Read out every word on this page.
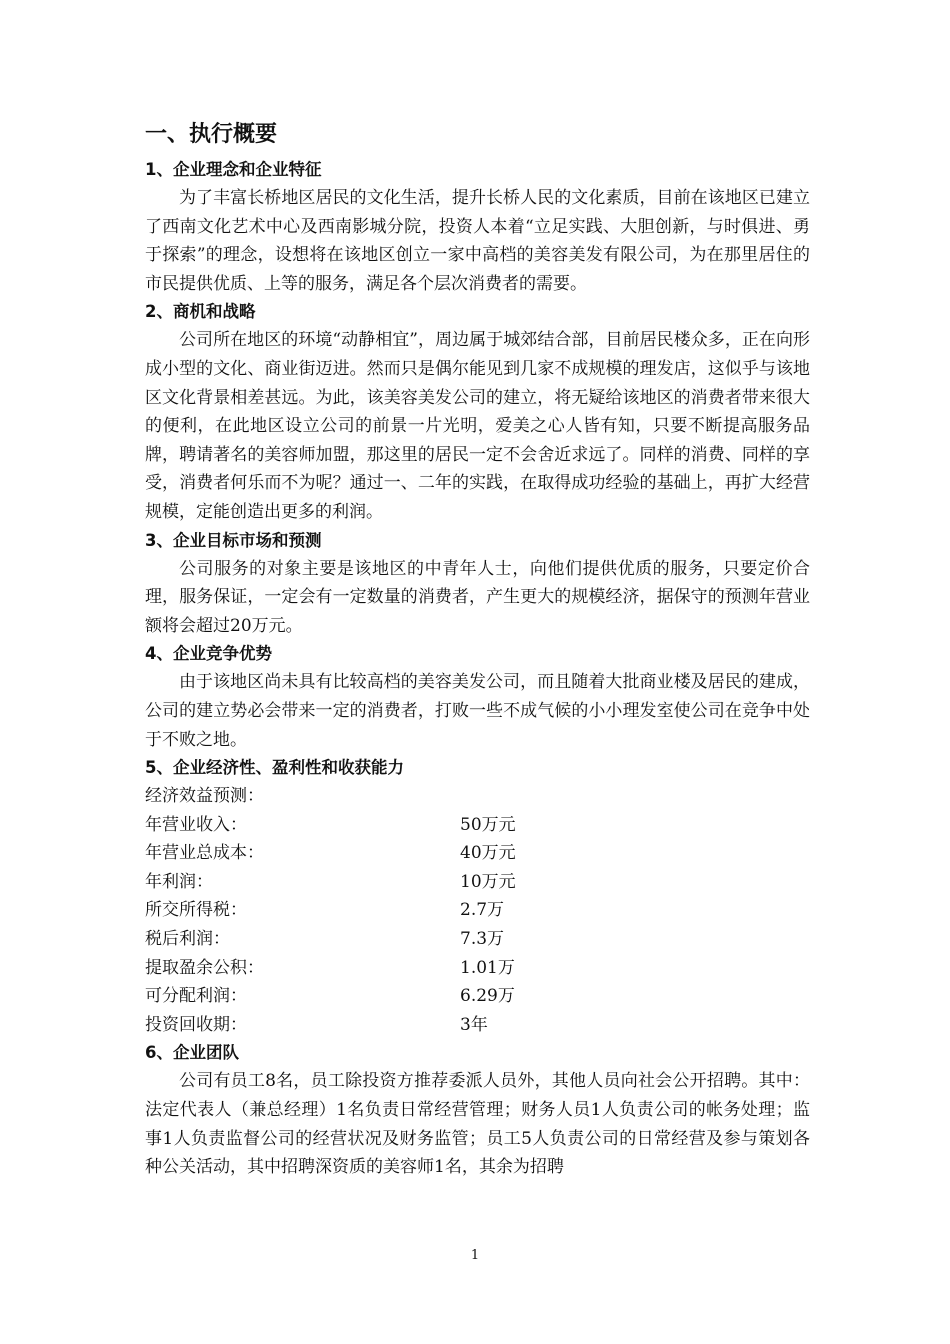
一、执行概要
1、企业理念和企业特征

为了丰富长桥地区居民的文化生活，提升长桥人民的文化素质，目前在该地区已建立了西南文化艺术中心及西南影城分院，投资人本着“立足实践、大胆创新，与时俱进、勇于探索”的理念，设想将在该地区创立一家中高档的美容美发有限公司，为在那里居住的市民提供优质、上等的服务，满足各个层次消费者的需要。

2、商机和战略

公司所在地区的环境“动静相宜”，周边属于城郊结合部，目前居民楼众多，正在向形成小型的文化、商业街迈进。然而只是偶尔能见到几家不成规模的理发店，这似乎与该地区文化背景相差甚远。为此，该美容美发公司的建立，将无疑给该地区的消费者带来很大的便利，在此地区设立公司的前景一片光明，爱美之心人皆有知，只要不断提高服务品牌，聘请著名的美容师加盟，那这里的居民一定不会舍近求远了。同样的消费、同样的享受，消费者何乐而不为呢？通过一、二年的实践，在取得成功经验的基础上，再扩大经营规模，定能创造出更多的利润。

3、企业目标市场和预测

公司服务的对象主要是该地区的中青年人士，向他们提供优质的服务，只要定价合理，服务保证，一定会有一定数量的消费者，产生更大的规模经济，据保守的预测年营业额将会超过20万元。

4、企业竞争优势

由于该地区尚未具有比较高档的美容美发公司，而且随着大批商业楼及居民的建成，公司的建立势必会带来一定的消费者，打败一些不成气候的小小理发室使公司在竞争中处于不败之地。

5、企业经济性、盈利性和收获能力
经济效益预测：
年营业收入：	50万元
年营业总成本：	40万元
年利润：	10万元
所交所得税：	2.7万
税后利润：	7.3万
提取盈余公积：	1.01万
可分配利润：	6.29万
投资回收期：	3年
6、企业团队

公司有员工8名，员工除投资方推荐委派人员外，其他人员向社会公开招聘。其中：法定代表人（兼总经理）1名负责日常经营管理；财务人员1人负责公司的帐务处理；监事1人负责监督公司的经营状况及财务监管；员工5人负责公司的日常经营及参与策划各种公关活动，其中招聘深资质的美容师1名，其余为招聘

1
